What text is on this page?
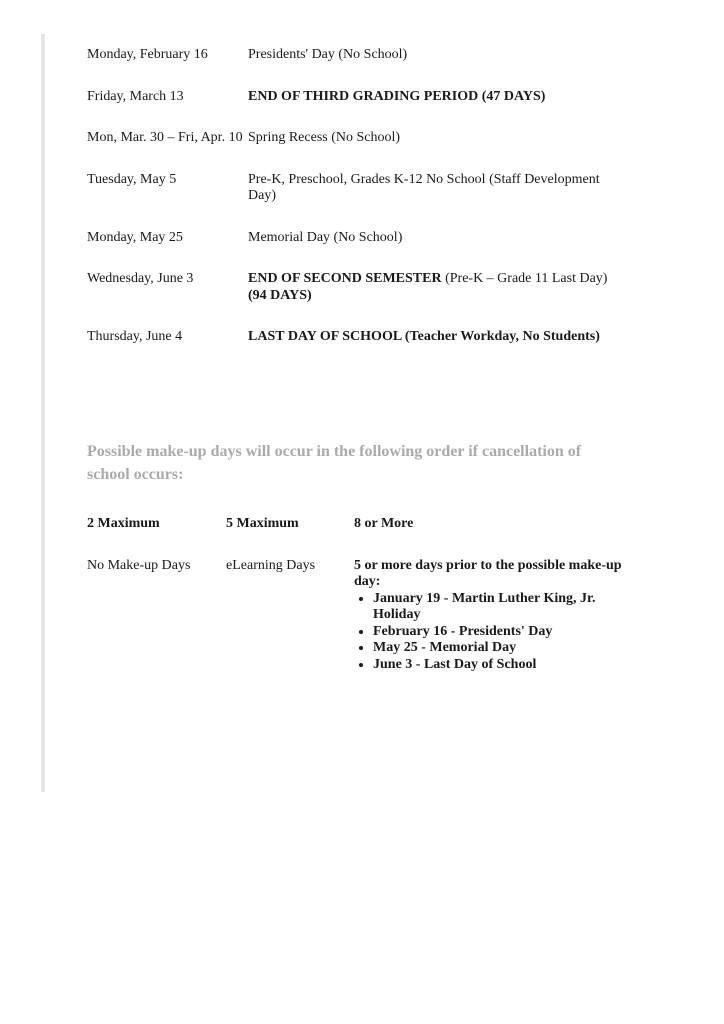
Monday, February 16	Presidents' Day (No School)
Friday, March 13	END OF THIRD GRADING PERIOD (47 DAYS)
Mon, Mar. 30 – Fri, Apr. 10 Spring Recess (No School)
Tuesday, May 5	Pre-K, Preschool, Grades K-12 No School (Staff Development Day)
Monday, May 25	Memorial Day (No School)
Wednesday, June 3	END OF SECOND SEMESTER (Pre-K – Grade 11 Last Day) (94 DAYS)
Thursday, June 4	LAST DAY OF SCHOOL (Teacher Workday, No Students)
Possible make-up days will occur in the following order if cancellation of school occurs:
2 Maximum	5 Maximum	8 or More
No Make-up Days	eLearning Days	5 or more days prior to the possible make-up day:
• January 19 - Martin Luther King, Jr. Holiday
• February 16 - Presidents' Day
• May 25 - Memorial Day
• June 3 - Last Day of School
